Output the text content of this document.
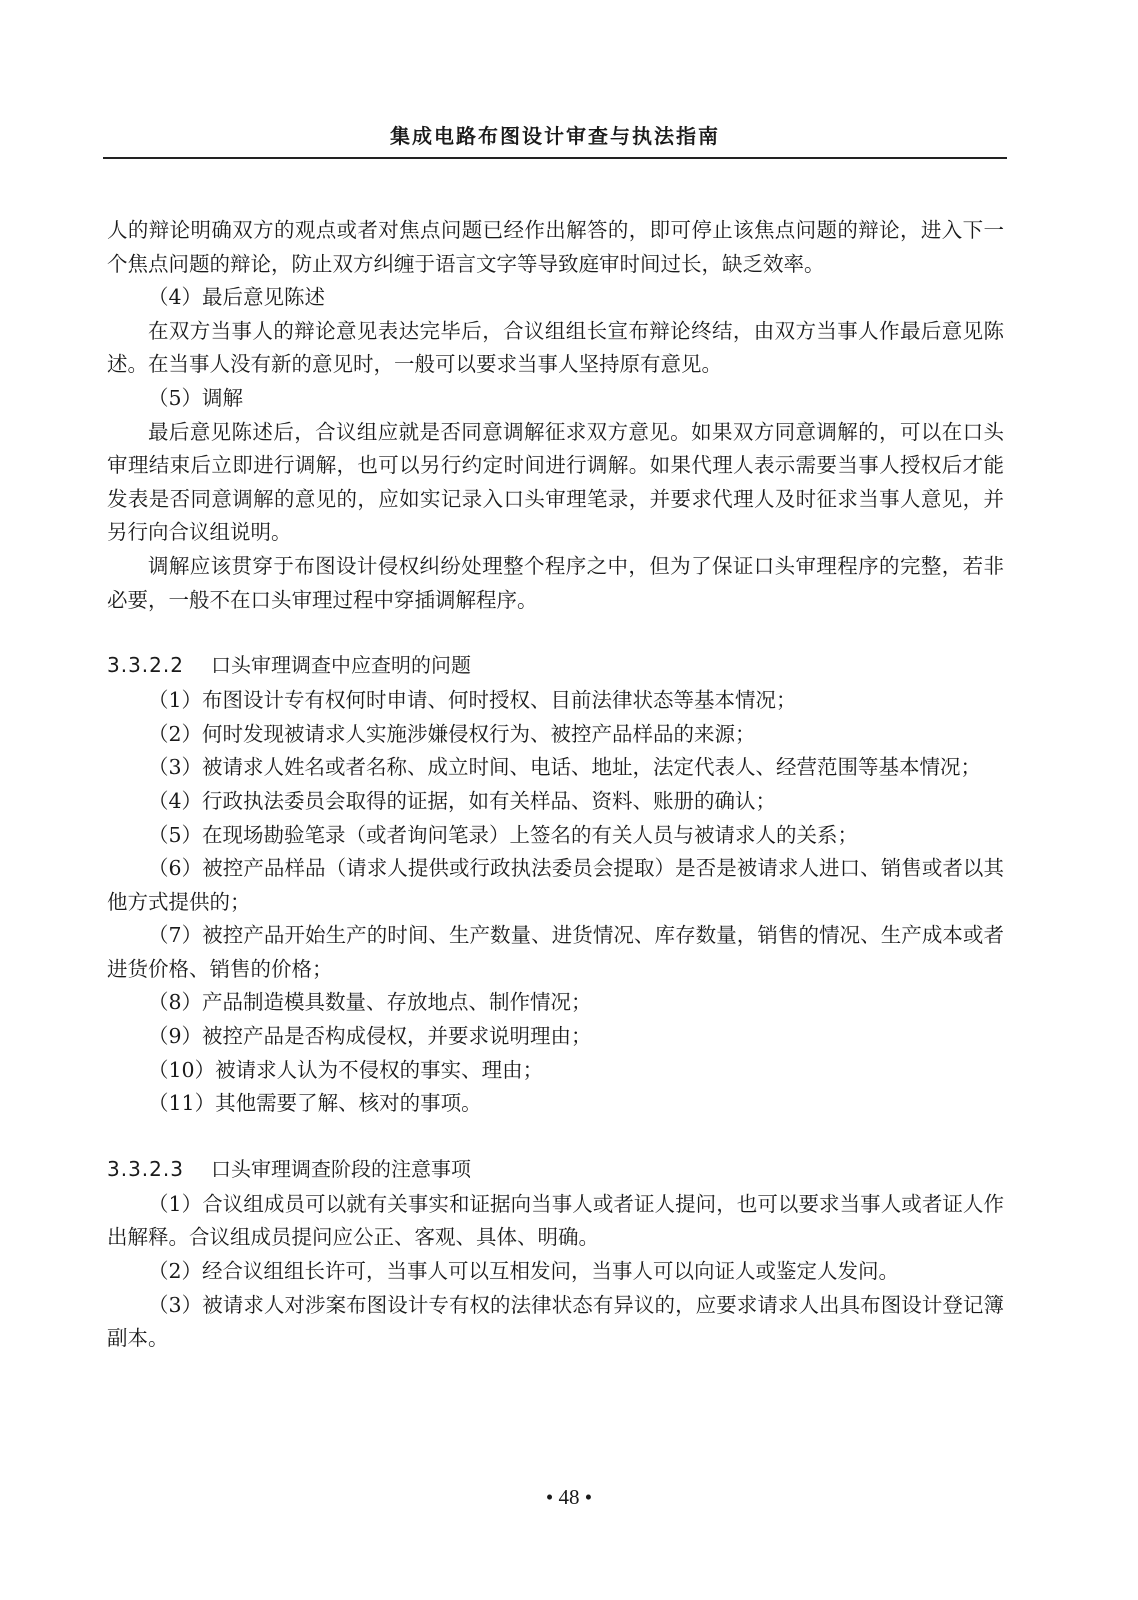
集成电路布图设计审查与执法指南

人的辩论明确双方的观点或者对焦点问题已经作出解答的，即可停止该焦点问题的辩论，进入下一个焦点问题的辩论，防止双方纠缠于语言文字等导致庭审时间过长，缺乏效率。

（4）最后意见陈述

在双方当事人的辩论意见表达完毕后，合议组组长宣布辩论终结，由双方当事人作最后意见陈述。在当事人没有新的意见时，一般可以要求当事人坚持原有意见。

（5）调解

最后意见陈述后，合议组应就是否同意调解征求双方意见。如果双方同意调解的，可以在口头审理结束后立即进行调解，也可以另行约定时间进行调解。如果代理人表示需要当事人授权后才能发表是否同意调解的意见的，应如实记录入口头审理笔录，并要求代理人及时征求当事人意见，并另行向合议组说明。

调解应该贯穿于布图设计侵权纠纷处理整个程序之中，但为了保证口头审理程序的完整，若非必要，一般不在口头审理过程中穿插调解程序。

3.3.2.2 口头审理调查中应查明的问题

（1）布图设计专有权何时申请、何时授权、目前法律状态等基本情况；

（2）何时发现被请求人实施涉嫌侵权行为、被控产品样品的来源；

（3）被请求人姓名或者名称、成立时间、电话、地址，法定代表人、经营范围等基本情况；

（4）行政执法委员会取得的证据，如有关样品、资料、账册的确认；

（5）在现场勘验笔录（或者询问笔录）上签名的有关人员与被请求人的关系；

（6）被控产品样品（请求人提供或行政执法委员会提取）是否是被请求人进口、销售或者以其他方式提供的；

（7）被控产品开始生产的时间、生产数量、进货情况、库存数量，销售的情况、生产成本或者进货价格、销售的价格；

（8）产品制造模具数量、存放地点、制作情况；

（9）被控产品是否构成侵权，并要求说明理由；

（10）被请求人认为不侵权的事实、理由；

（11）其他需要了解、核对的事项。

3.3.2.3 口头审理调查阶段的注意事项

（1）合议组成员可以就有关事实和证据向当事人或者证人提问，也可以要求当事人或者证人作出解释。合议组成员提问应公正、客观、具体、明确。

（2）经合议组组长许可，当事人可以互相发问，当事人可以向证人或鉴定人发问。

（3）被请求人对涉案布图设计专有权的法律状态有异议的，应要求请求人出具布图设计登记簿副本。

• 48 •
